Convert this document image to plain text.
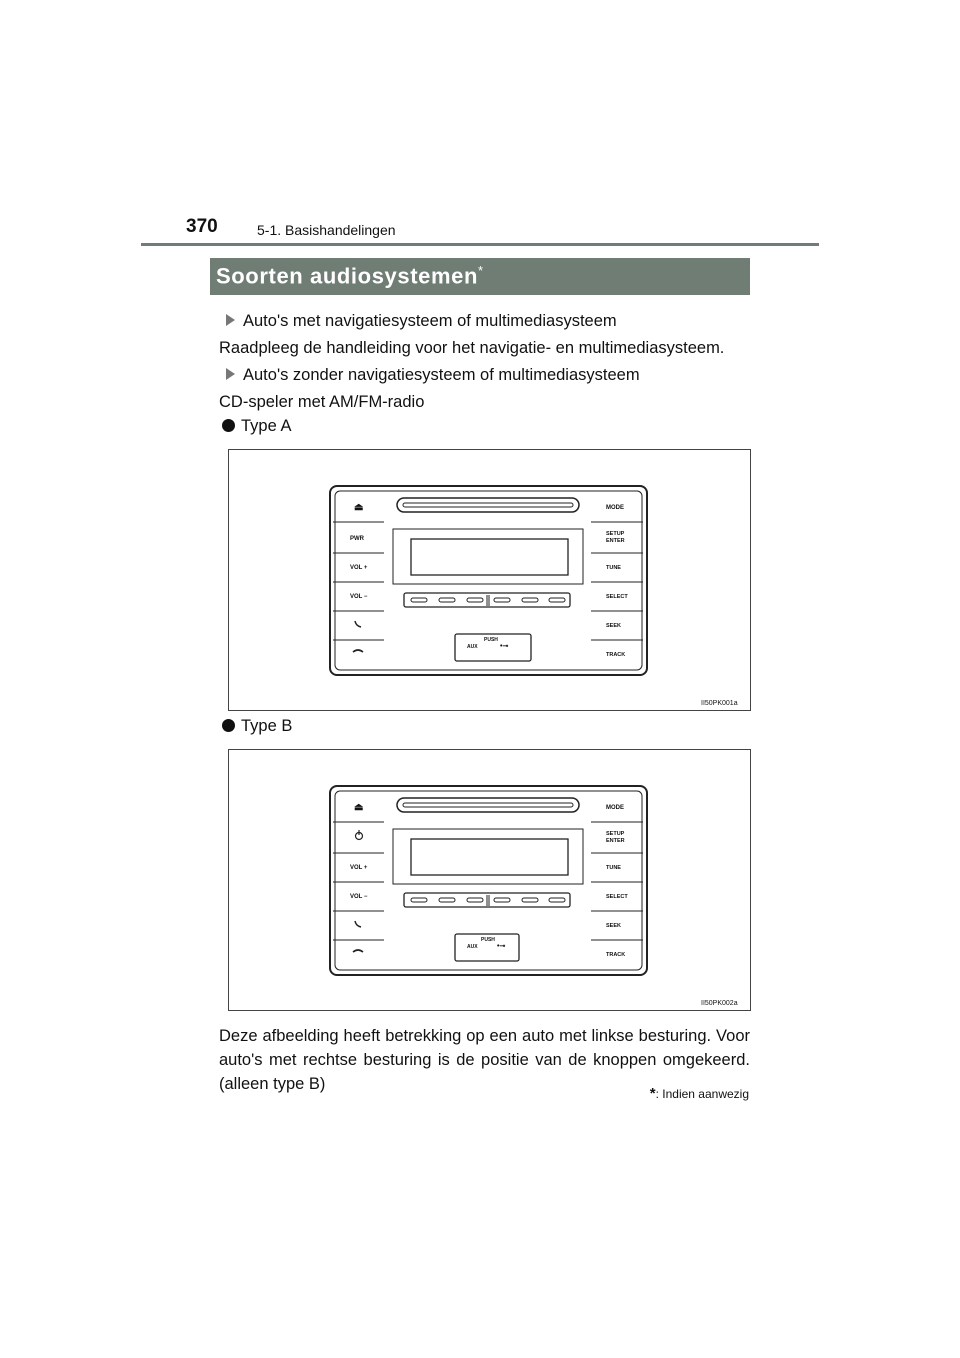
370	5-1. Basishandelingen
Soorten audiosystemen*
Auto's met navigatiesysteem of multimediasysteem
Raadpleeg de handleiding voor het navigatie- en multimediasysteem.
Auto's zonder navigatiesysteem of multimediasysteem
CD-speler met AM/FM-radio
Type A
PUSH
AUX	•⊸
⏏
PWR
VOL +
VOL −
MODE
SETUP
ENTER
TUNE
SELECT
SEEK
TRACK
II50PK001a
Type B
PUSH
AUX	•⊸
⏏
VOL +
VOL −
MODE
SETUP
ENTER
TUNE
SELECT
SEEK
TRACK
II50PK002a
Deze afbeelding heeft betrekking op een auto met linkse besturing. Voor auto's met rechtse besturing is de positie van de knoppen omgekeerd. (alleen type B)
*: Indien aanwezig
